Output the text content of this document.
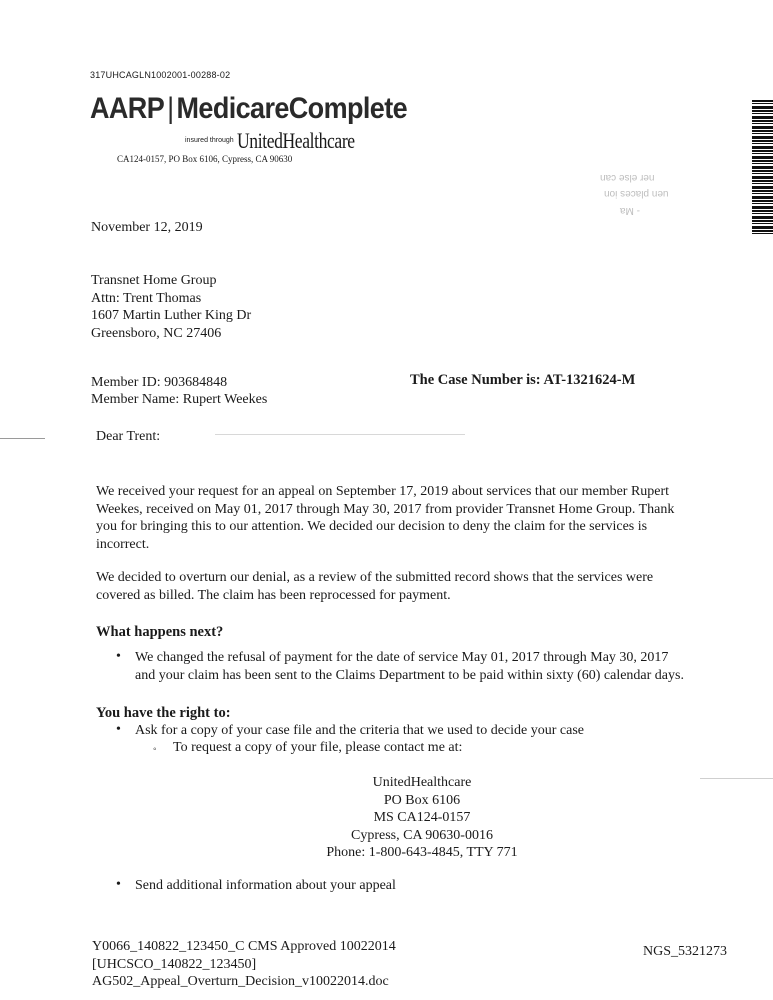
317UHCAGLN1002001-00288-02
AARP | MedicareComplete
$^{insured through}$ UnitedHealthcare
CA124-0157, PO Box 6106, Cypress, CA 90630
ner else can
uen places ion
- Ma
November 12, 2019
Transnet Home Group
Attn: Trent Thomas
1607 Martin Luther King Dr
Greensboro, NC 27406
Member ID: 903684848
Member Name: Rupert Weekes
The Case Number is: AT-1321624-M
Dear Trent:
We received your request for an appeal on September 17, 2019 about services that our member Rupert
Weekes, received on May 01, 2017 through May 30, 2017 from provider Transnet Home Group. Thank
you for bringing this to our attention. We decided our decision to deny the claim for the services is
incorrect.
We decided to overturn our denial, as a review of the submitted record shows that the services were
covered as billed. The claim has been reprocessed for payment.
What happens next?
• We changed the refusal of payment for the date of service May 01, 2017 through May 30, 2017
and your claim has been sent to the Claims Department to be paid within sixty (60) calendar days.
You have the right to:
• Ask for a copy of your case file and the criteria that we used to decide your case
◦ To request a copy of your file, please contact me at:
UnitedHealthcare
PO Box 6106
MS CA124-0157
Cypress, CA 90630-0016
Phone: 1-800-643-4845, TTY 771
• Send additional information about your appeal
Y0066_140822_123450_C CMS Approved 10022014
[UHCSCO_140822_123450]
AG502_Appeal_Overturn_Decision_v10022014.doc
NGS_5321273
